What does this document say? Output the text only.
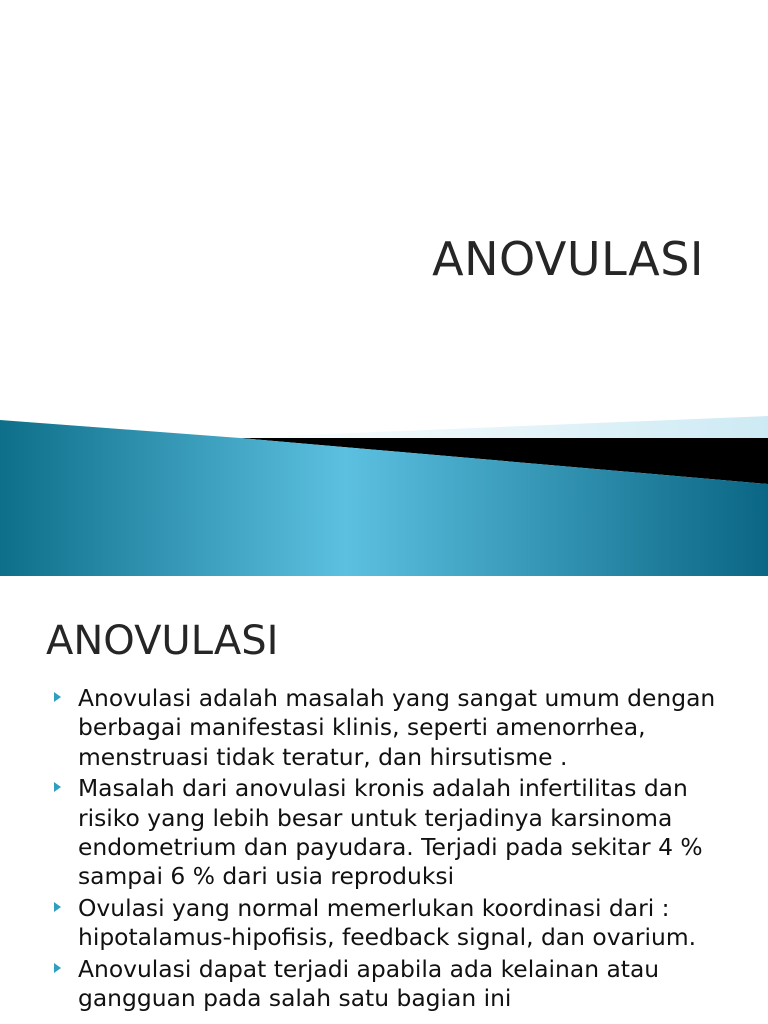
ANOVULASI
ANOVULASI
Anovulasi adalah masalah yang sangat umum dengan berbagai manifestasi klinis, seperti amenorrhea, menstruasi tidak teratur, dan hirsutisme .
Masalah dari anovulasi kronis adalah infertilitas dan risiko yang lebih besar untuk terjadinya karsinoma endometrium dan payudara. Terjadi pada sekitar 4 % sampai 6 % dari usia reproduksi
Ovulasi yang normal memerlukan koordinasi dari : hipotalamus-hipofisis, feedback signal, dan ovarium.
Anovulasi dapat terjadi apabila ada kelainan atau gangguan pada salah satu bagian ini
